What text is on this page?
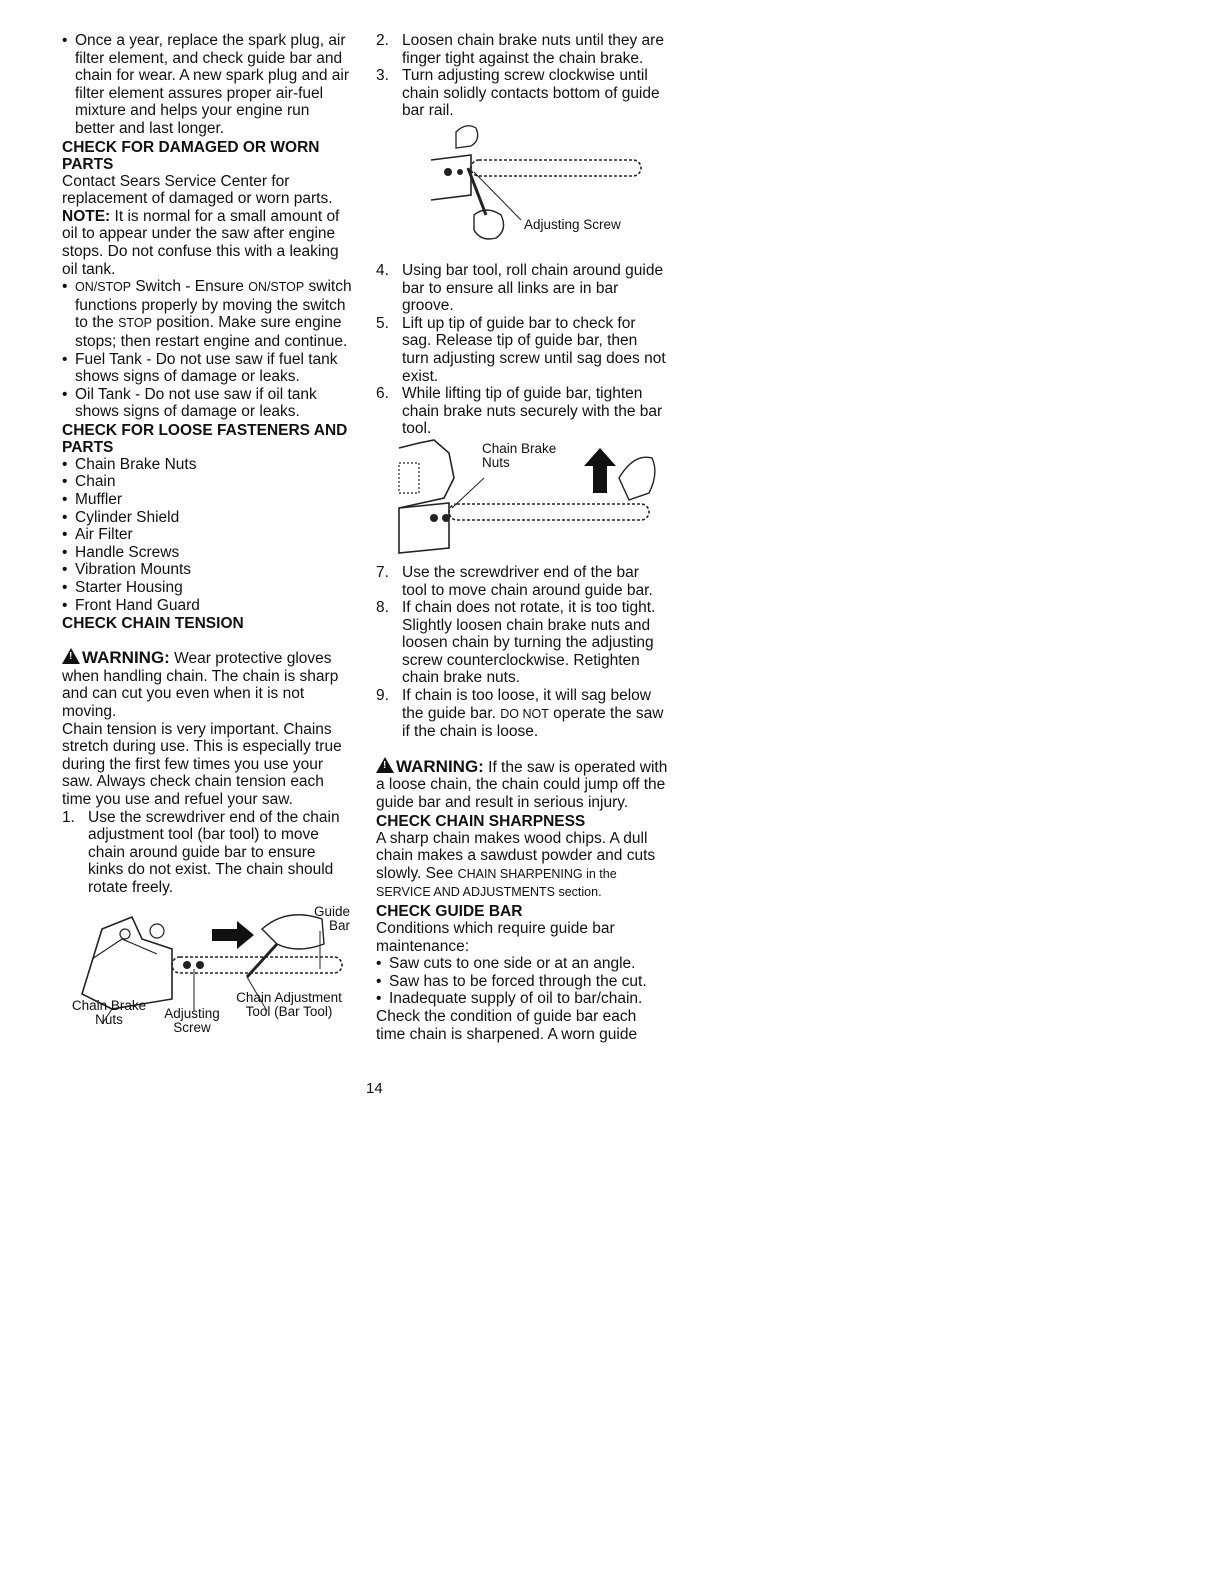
• Once a year, replace the spark plug, air filter element, and check guide bar and chain for wear. A new spark plug and air filter element assures proper air-fuel mixture and helps your engine run better and last longer.

CHECK FOR DAMAGED OR WORN PARTS

Contact Sears Service Center for replacement of damaged or worn parts.

NOTE: It is normal for a small amount of oil to appear under the saw after engine stops. Do not confuse this with a leaking oil tank.

• ON/STOP Switch - Ensure ON/STOP switch functions properly by moving the switch to the STOP position. Make sure engine stops; then restart engine and continue.

• Fuel Tank - Do not use saw if fuel tank shows signs of damage or leaks.

• Oil Tank - Do not use saw if oil tank shows signs of damage or leaks.

CHECK FOR LOOSE FASTENERS AND PARTS

• Chain Brake Nuts

• Chain

• Muffler

• Cylinder Shield

• Air Filter

• Handle Screws

• Vibration Mounts

• Starter Housing

• Front Hand Guard

CHECK CHAIN TENSION

!WARNING: Wear protective gloves when handling chain. The chain is sharp and can cut you even when it is not moving.

Chain tension is very important. Chains stretch during use. This is especially true during the first few times you use your saw. Always check chain tension each time you use and refuel your saw.

1. Use the screwdriver end of the chain adjustment tool (bar tool) to move chain around guide bar to ensure kinks do not exist. The chain should rotate freely.

Guide Bar
Chain Brake Nuts	Adjusting Screw
Chain Adjustment Tool (Bar Tool)

2. Loosen chain brake nuts until they are finger tight against the chain brake.

3. Turn adjusting screw clockwise until chain solidly contacts bottom of guide bar rail.

Adjusting Screw

4. Using bar tool, roll chain around guide bar to ensure all links are in bar groove.

5. Lift up tip of guide bar to check for sag. Release tip of guide bar, then turn adjusting screw until sag does not exist.

6. While lifting tip of guide bar, tighten chain brake nuts securely with the bar tool.

Chain Brake Nuts

7. Use the screwdriver end of the bar tool to move chain around guide bar.

8. If chain does not rotate, it is too tight. Slightly loosen chain brake nuts and loosen chain by turning the adjusting screw counterclockwise. Retighten chain brake nuts.

9. If chain is too loose, it will sag below the guide bar. DO NOT operate the saw if the chain is loose.

!WARNING: If the saw is operated with a loose chain, the chain could jump off the guide bar and result in serious injury.

CHECK CHAIN SHARPNESS

A sharp chain makes wood chips. A dull chain makes a sawdust powder and cuts slowly. See CHAIN SHARPENING in the SERVICE AND ADJUSTMENTS section.

CHECK GUIDE BAR

Conditions which require guide bar maintenance:

• Saw cuts to one side or at an angle.

• Saw has to be forced through the cut.

• Inadequate supply of oil to bar/chain.

Check the condition of guide bar each time chain is sharpened. A worn guide

14
